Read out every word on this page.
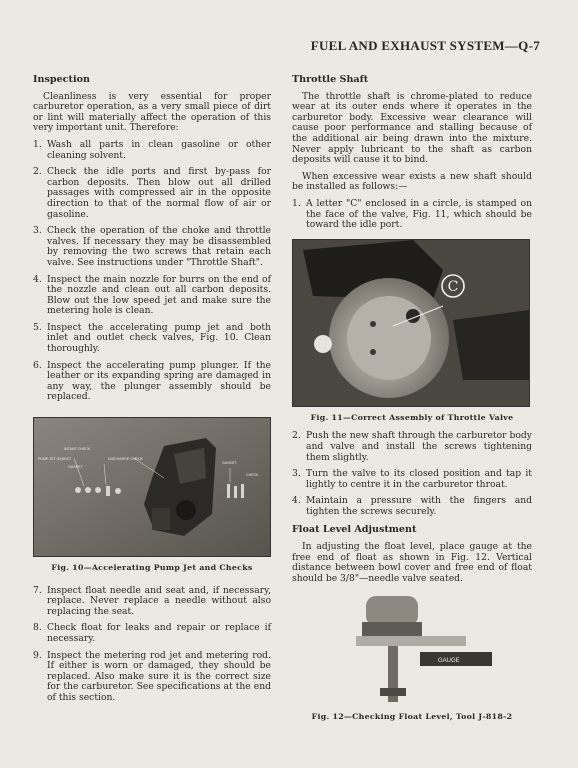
FUEL AND EXHAUST SYSTEM—Q-7
Inspection

Cleanliness is very essential for proper carburetor operation, as a very small piece of dirt or lint will materially affect the operation of this very important unit. Therefore:

1. Wash all parts in clean gasoline or other cleaning solvent.
2. Check the idle ports and first by-pass for carbon deposits. Then blow out all drilled passages with compressed air in the opposite direction to that of the normal flow of air or gasoline.
3. Check the operation of the choke and throttle valves. If necessary they may be disassembled by removing the two screws that retain each valve. See instructions under "Throttle Shaft".
4. Inspect the main nozzle for burrs on the end of the nozzle and clean out all carbon deposits. Blow out the low speed jet and make sure the metering hole is clean.
5. Inspect the accelerating pump jet and both inlet and outlet check valves, Fig. 10. Clean thoroughly.
6. Inspect the accelerating pump plunger. If the leather or its expanding spring are damaged in any way, the plunger assembly should be replaced.
INTAKE CHECK
PUMP JET GASKET	DISCHARGE CHECK
GASKET
GASKET
CHECK
Fig. 10—Accelerating Pump Jet and Checks
7. Inspect float needle and seat and, if necessary, replace. Never replace a needle without also replacing the seat.
8. Check float for leaks and repair or replace if necessary.
9. Inspect the metering rod jet and metering rod. If either is worn or damaged, they should be replaced. Also make sure it is the correct size for the carburetor. See specifications at the end of this section.
Throttle Shaft

The throttle shaft is chrome-plated to reduce wear at its outer ends where it operates in the carburetor body. Excessive wear clearance will cause poor performance and stalling because of the additional air being drawn into the mixture. Never apply lubricant to the shaft as carbon deposits will cause it to bind.

When excessive wear exists a new shaft should be installed as follows:—

1. A letter "C" enclosed in a circle, is stamped on the face of the valve, Fig. 11, which should be toward the idle port.
C
Fig. 11—Correct Assembly of Throttle Valve
2. Push the new shaft through the carburetor body and valve and install the screws tightening them slightly.
3. Turn the valve to its closed position and tap it lightly to centre it in the carburetor throat.
4. Maintain a pressure with the fingers and tighten the screws securely.
Float Level Adjustment

In adjusting the float level, place gauge at the free end of float as shown in Fig. 12. Vertical distance between bowl cover and free end of float should be 3/8"—needle valve seated.

GAUGE
Fig. 12—Checking Float Level, Tool J-818-2
